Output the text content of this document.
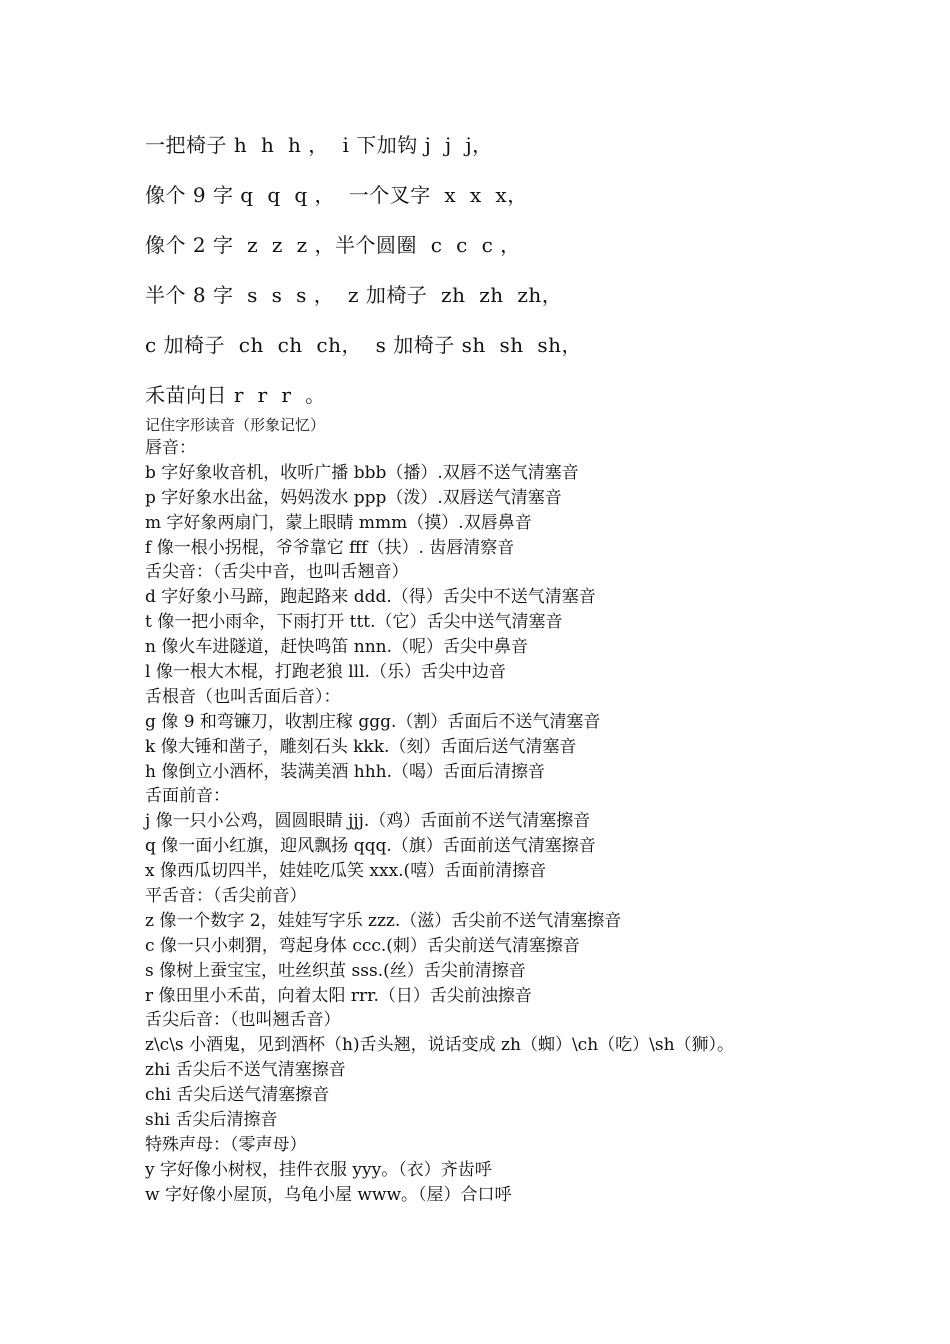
一把椅子 h  h  h ，  i 下加钩 j  j  j，
像个 9 字 q  q  q ，  一个叉字  x  x  x，
像个 2 字  z  z  z ，半个圆圈  c  c  c ，
半个 8 字  s  s  s ，  z 加椅子  zh  zh  zh，
c 加椅子  ch  ch  ch，  s 加椅子 sh  sh  sh，
禾苗向日 r  r  r  。
记住字形读音（形象记忆）
唇音：
b 字好象收音机，收听广播 bbb（播）.双唇不送气清塞音
p 字好象水出盆，妈妈泼水 ppp（泼）.双唇送气清塞音
m 字好象两扇门，蒙上眼睛 mmm（摸）.双唇鼻音
f 像一根小拐棍，爷爷靠它 fff（扶）. 齿唇清察音
舌尖音：（舌尖中音，也叫舌翘音）
d 字好象小马蹄，跑起路来 ddd.（得）舌尖中不送气清塞音
t 像一把小雨伞，下雨打开 ttt.（它）舌尖中送气清塞音
n 像火车进隧道，赶快鸣笛 nnn.（呢）舌尖中鼻音
l 像一根大木棍，打跑老狼 lll.（乐）舌尖中边音
舌根音（也叫舌面后音）：
g 像 9 和弯镰刀，收割庄稼 ggg.（割）舌面后不送气清塞音
k 像大锤和凿子，雕刻石头 kkk.（刻）舌面后送气清塞音
h 像倒立小酒杯，装满美酒 hhh.（喝）舌面后清擦音
舌面前音：
j 像一只小公鸡，圆圆眼睛 jjj.（鸡）舌面前不送气清塞擦音
q 像一面小红旗，迎风飘扬 qqq.（旗）舌面前送气清塞擦音
x 像西瓜切四半，娃娃吃瓜笑 xxx.(嘻）舌面前清擦音
平舌音：（舌尖前音）
z 像一个数字 2，娃娃写字乐 zzz.（滋）舌尖前不送气清塞擦音
c 像一只小刺猬，弯起身体 ccc.(刺）舌尖前送气清塞擦音
s 像树上蚕宝宝，吐丝织茧 sss.(丝）舌尖前清擦音
r 像田里小禾苗，向着太阳 rrr.（日）舌尖前浊擦音
舌尖后音：（也叫翘舌音）
z\c\s 小酒鬼，见到酒杯（h)舌头翘，说话变成 zh（蜘）\ch（吃）\sh（狮）。
zhi 舌尖后不送气清塞擦音
chi 舌尖后送气清塞擦音
shi 舌尖后清擦音
特殊声母：（零声母）
y 字好像小树杈，挂件衣服 yyy。（衣）齐齿呼
w 字好像小屋顶，乌龟小屋 www。（屋）合口呼
